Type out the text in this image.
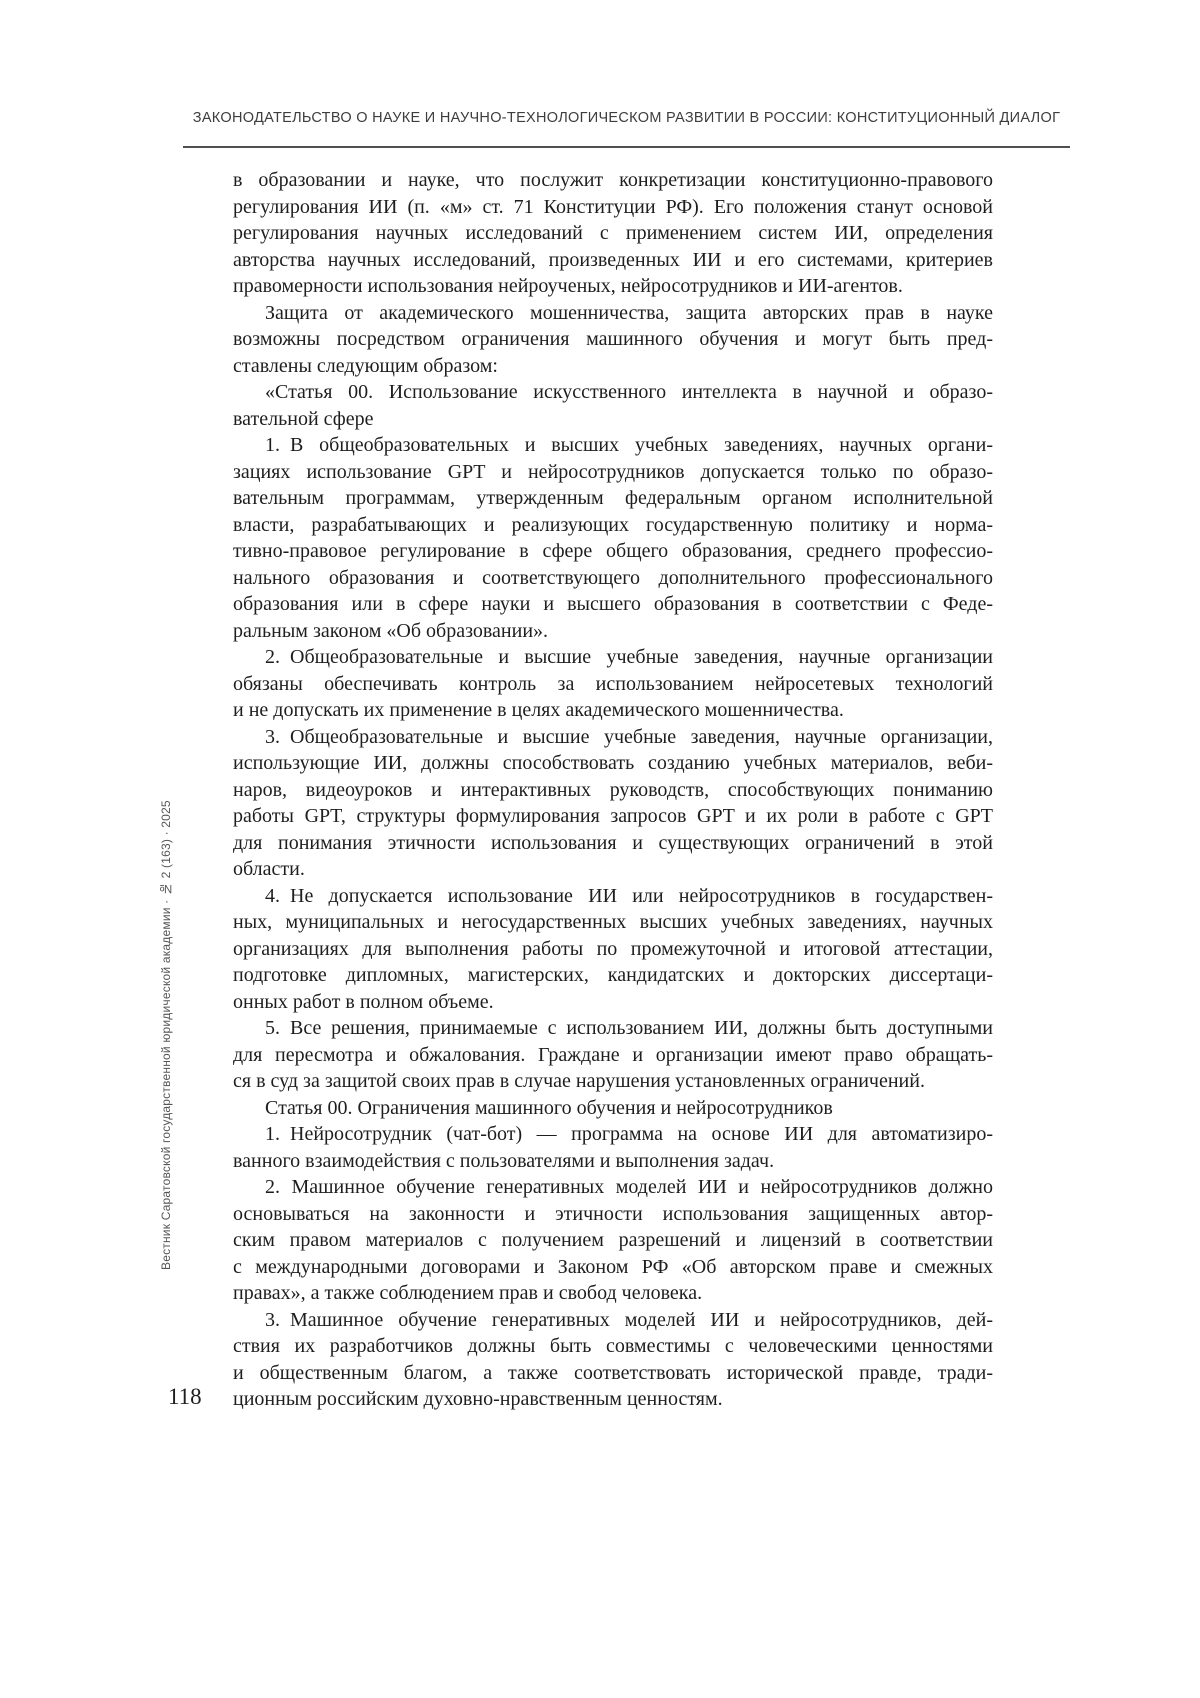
ЗАКОНОДАТЕЛЬСТВО О НАУКЕ И НАУЧНО-ТЕХНОЛОГИЧЕСКОМ РАЗВИТИИ В РОССИИ: КОНСТИТУЦИОННЫЙ ДИАЛОГ
в образовании и науке, что послужит конкретизации конституционно-правового
регулирования ИИ (п. «м» ст. 71 Конституции РФ). Его положения станут основой
регулирования научных исследований с применением систем ИИ, определения
авторства научных исследований, произведенных ИИ и его системами, критериев
правомерности использования нейроученых, нейросотрудников и ИИ-агентов.
Защита от академического мошенничества, защита авторских прав в науке
возможны посредством ограничения машинного обучения и могут быть пред-
ставлены следующим образом:
«Статья 00. Использование искусственного интеллекта в научной и образо-
вательной сфере
1. В общеобразовательных и высших учебных заведениях, научных органи-
зациях использование GPT и нейросотрудников допускается только по образо-
вательным программам, утвержденным федеральным органом исполнительной
власти, разрабатывающих и реализующих государственную политику и норма-
тивно-правовое регулирование в сфере общего образования, среднего профессио-
нального образования и соответствующего дополнительного профессионального
образования или в сфере науки и высшего образования в соответствии с Феде-
ральным законом «Об образовании».
2. Общеобразовательные и высшие учебные заведения, научные организации
обязаны обеспечивать контроль за использованием нейросетевых технологий
и не допускать их применение в целях академического мошенничества.
3. Общеобразовательные и высшие учебные заведения, научные организации,
использующие ИИ, должны способствовать созданию учебных материалов, веби-
наров, видеоуроков и интерактивных руководств, способствующих пониманию
работы GPT, структуры формулирования запросов GPT и их роли в работе с GPT
для понимания этичности использования и существующих ограничений в этой
области.
4. Не допускается использование ИИ или нейросотрудников в государствен-
ных, муниципальных и негосударственных высших учебных заведениях, научных
организациях для выполнения работы по промежуточной и итоговой аттестации,
подготовке дипломных, магистерских, кандидатских и докторских диссертаци-
онных работ в полном объеме.
5. Все решения, принимаемые с использованием ИИ, должны быть доступными
для пересмотра и обжалования. Граждане и организации имеют право обращать-
ся в суд за защитой своих прав в случае нарушения установленных ограничений.
Статья 00. Ограничения машинного обучения и нейросотрудников
1. Нейросотрудник (чат-бот) — программа на основе ИИ для автоматизиро-
ванного взаимодействия с пользователями и выполнения задач.
2. Машинное обучение генеративных моделей ИИ и нейросотрудников должно
основываться на законности и этичности использования защищенных автор-
ским правом материалов с получением разрешений и лицензий в соответствии
с международными договорами и Законом РФ «Об авторском праве и смежных
правах», а также соблюдением прав и свобод человека.
3. Машинное обучение генеративных моделей ИИ и нейросотрудников, дей-
ствия их разработчиков должны быть совместимы с человеческими ценностями
и общественным благом, а также соответствовать исторической правде, тради-
ционным российским духовно-нравственным ценностям.
Вестник Саратовской государственной юридической академии · № 2 (163) · 2025
118
